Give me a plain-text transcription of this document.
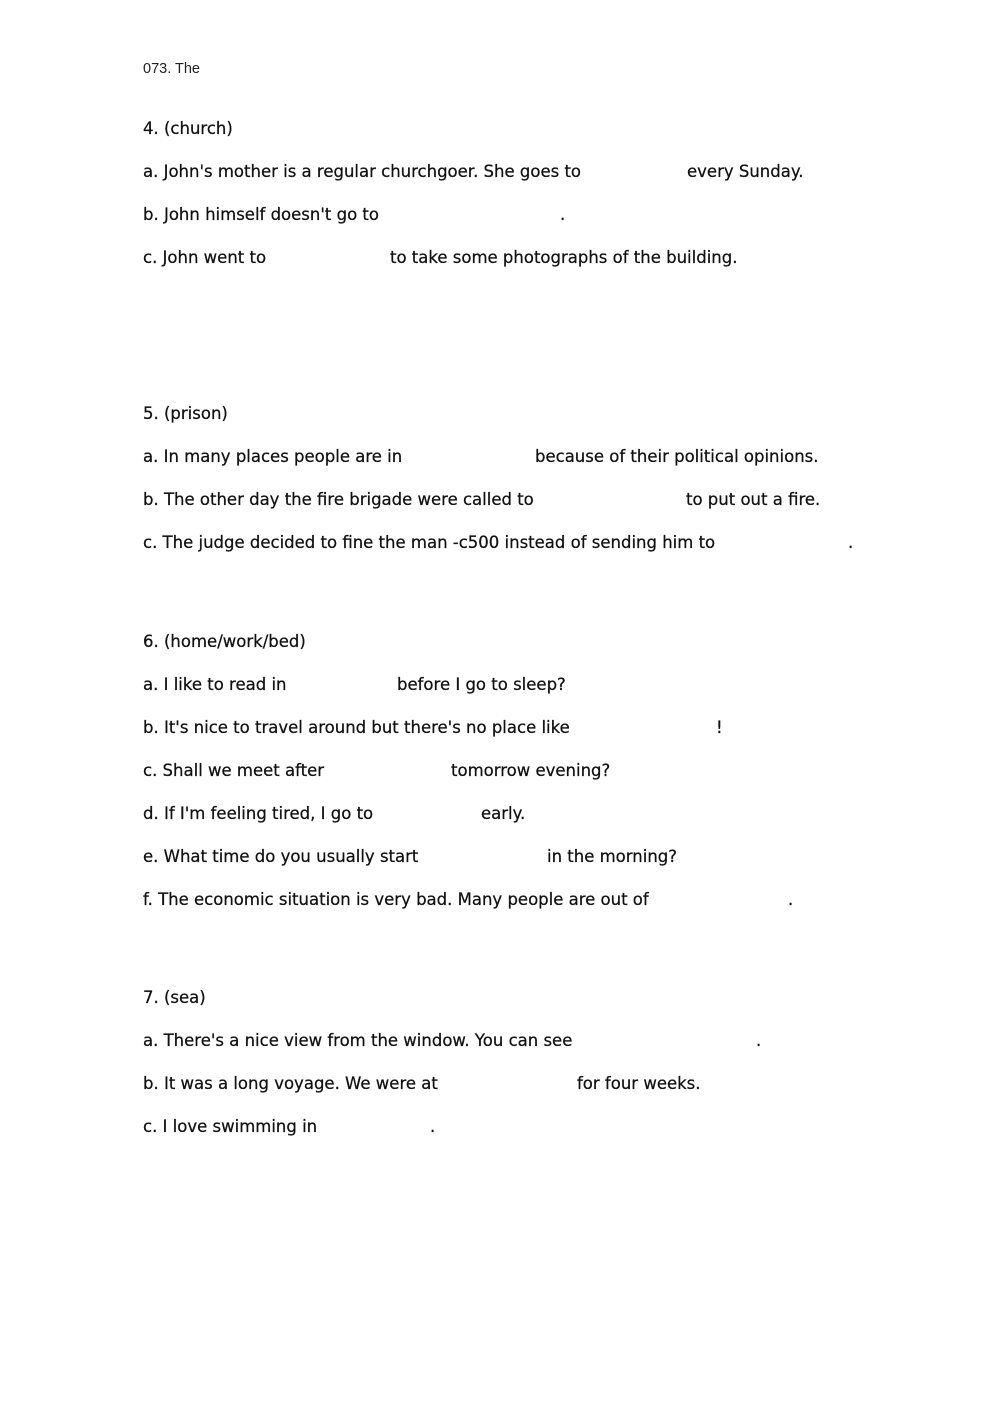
073. The
4. (church)
a. John's mother is a regular churchgoer. She goes to	every Sunday.
b. John himself doesn't go to	.
c. John went to	to take some photographs of the building.
5. (prison)
a. In many places people are in	because of their political opinions.
b. The other day the fire brigade were called to	to put out a fire.
c. The judge decided to fine the man -c500 instead of sending him to	.
6. (home/work/bed)
a. I like to read in	before I go to sleep?
b. It's nice to travel around but there's no place like	!
c. Shall we meet after	tomorrow evening?
d. If I'm feeling tired, I go to	early.
e. What time do you usually start	in the morning?
f. The economic situation is very bad. Many people are out of	.
7. (sea)
a. There's a nice view from the window. You can see	.
b. It was a long voyage. We were at	for four weeks.
c. I love swimming in	.
